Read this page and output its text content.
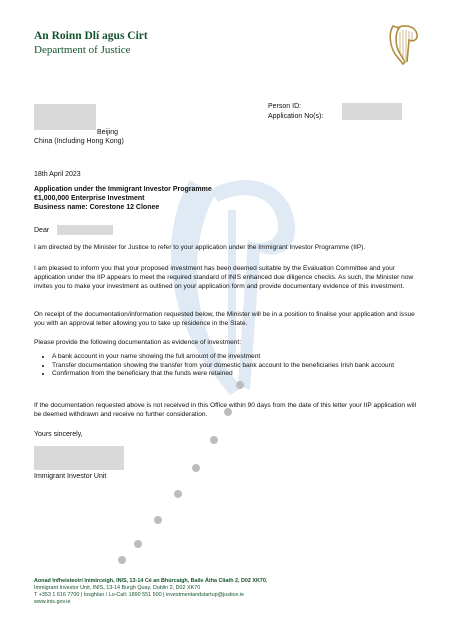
An Roinn Dlí agus Cirt
Department of Justice
Person ID:
Application No(s):
Beijing
China (Including Hong Kong)
18th April 2023
Application under the Immigrant Investor Programme
€1,000,000 Enterprise Investment
Business name: Corestone 12 Clonee
Dear
I am directed by the Minister for Justice to refer to your application under the Immigrant Investor Programme (IIP).
I am pleased to inform you that your proposed investment has been deemed suitable by the Evaluation Committee and your application under the IIP appears to meet the required standard of INIS enhanced due diligence checks. As such, the Minister now invites you to make your investment as outlined on your application form and provide documentary evidence of this investment.
On receipt of the documentation/information requested below, the Minister will be in a position to finalise your application and issue you with an approval letter allowing you to take up residence in the State.
Please provide the following documentation as evidence of investment:
• A bank account in your name showing the full amount of the investment
• Transfer documentation showing the transfer from your domestic bank account to the beneficiaries Irish bank account
• Confirmation from the beneficiary that the funds were retained
If the documentation requested above is not received in this Office within 90 days from the date of this letter your IIP application will be deemed withdrawn and receive no further consideration.
Yours sincerely,
Immigrant Investor Unit
Aonad Infheisteoirí Inimirceigh, INIS, 13-14 Cé an Bhúrcaigh, Baile Átha Cliath 2, D02 XK70.
Immigrant Investor Unit, INIS, 13-14 Burgh Quay, Dublin 2, D02 XK70
T +353 1 616 7700 | Íosghlao / Lo-Call: 1890 551 500 | investmentandstartup@justice.ie
www.inis.gov.ie
